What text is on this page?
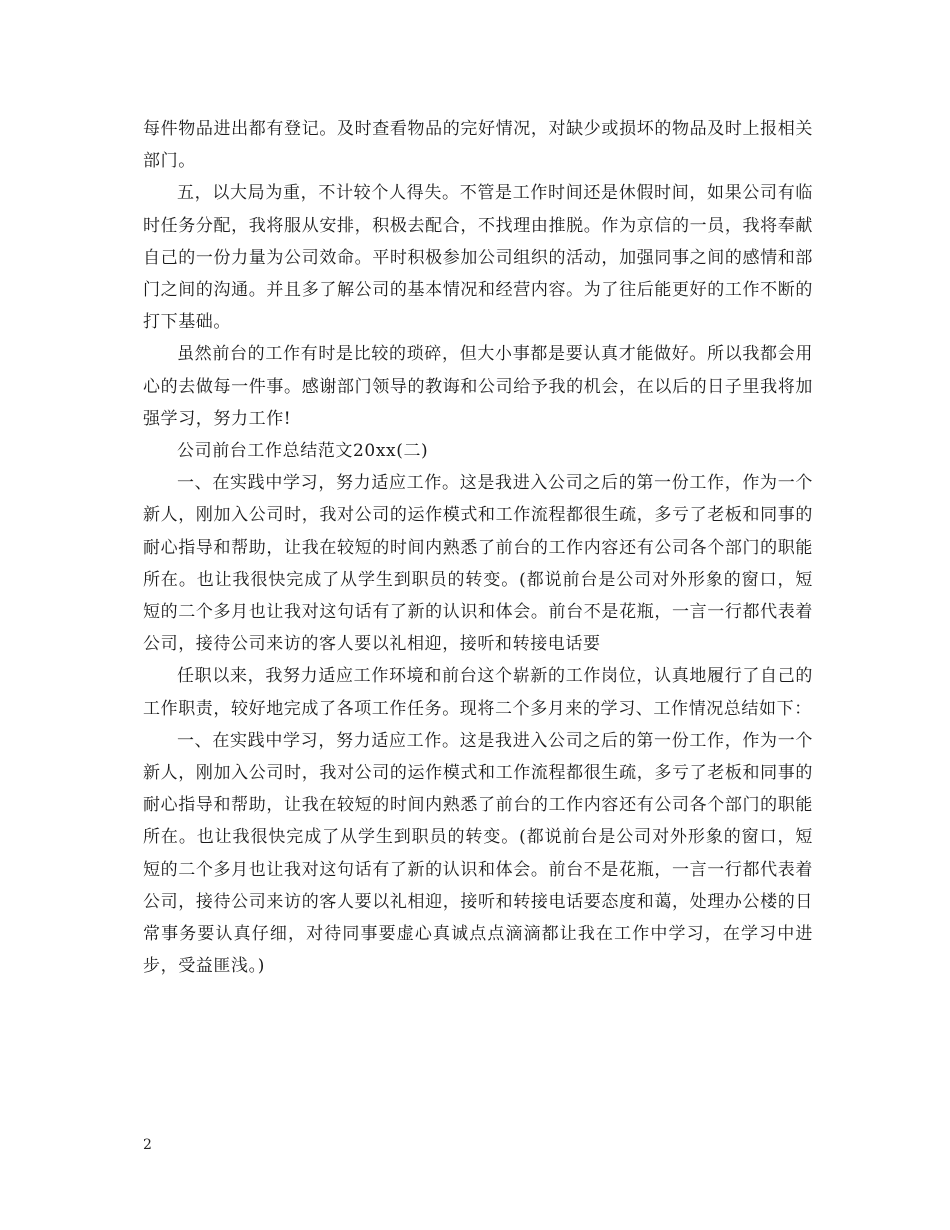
每件物品进出都有登记。及时查看物品的完好情况，对缺少或损坏的物品及时上报相关部门。

五，以大局为重，不计较个人得失。不管是工作时间还是休假时间，如果公司有临时任务分配，我将服从安排，积极去配合，不找理由推脱。作为京信的一员，我将奉献自己的一份力量为公司效命。平时积极参加公司组织的活动，加强同事之间的感情和部门之间的沟通。并且多了解公司的基本情况和经营内容。为了往后能更好的工作不断的打下基础。

虽然前台的工作有时是比较的琐碎，但大小事都是要认真才能做好。所以我都会用心的去做每一件事。感谢部门领导的教诲和公司给予我的机会，在以后的日子里我将加强学习，努力工作!

公司前台工作总结范文20xx(二)

一、在实践中学习，努力适应工作。这是我进入公司之后的第一份工作，作为一个新人，刚加入公司时，我对公司的运作模式和工作流程都很生疏，多亏了老板和同事的耐心指导和帮助，让我在较短的时间内熟悉了前台的工作内容还有公司各个部门的职能所在。也让我很快完成了从学生到职员的转变。(都说前台是公司对外形象的窗口，短短的二个多月也让我对这句话有了新的认识和体会。前台不是花瓶，一言一行都代表着公司，接待公司来访的客人要以礼相迎，接听和转接电话要

任职以来，我努力适应工作环境和前台这个崭新的工作岗位，认真地履行了自己的工作职责，较好地完成了各项工作任务。现将二个多月来的学习、工作情况总结如下：

一、在实践中学习，努力适应工作。这是我进入公司之后的第一份工作，作为一个新人，刚加入公司时，我对公司的运作模式和工作流程都很生疏，多亏了老板和同事的耐心指导和帮助，让我在较短的时间内熟悉了前台的工作内容还有公司各个部门的职能所在。也让我很快完成了从学生到职员的转变。(都说前台是公司对外形象的窗口，短短的二个多月也让我对这句话有了新的认识和体会。前台不是花瓶，一言一行都代表着公司，接待公司来访的客人要以礼相迎，接听和转接电话要态度和蔼，处理办公楼的日常事务要认真仔细，对待同事要虚心真诚点点滴滴都让我在工作中学习，在学习中进步，受益匪浅。)

2
